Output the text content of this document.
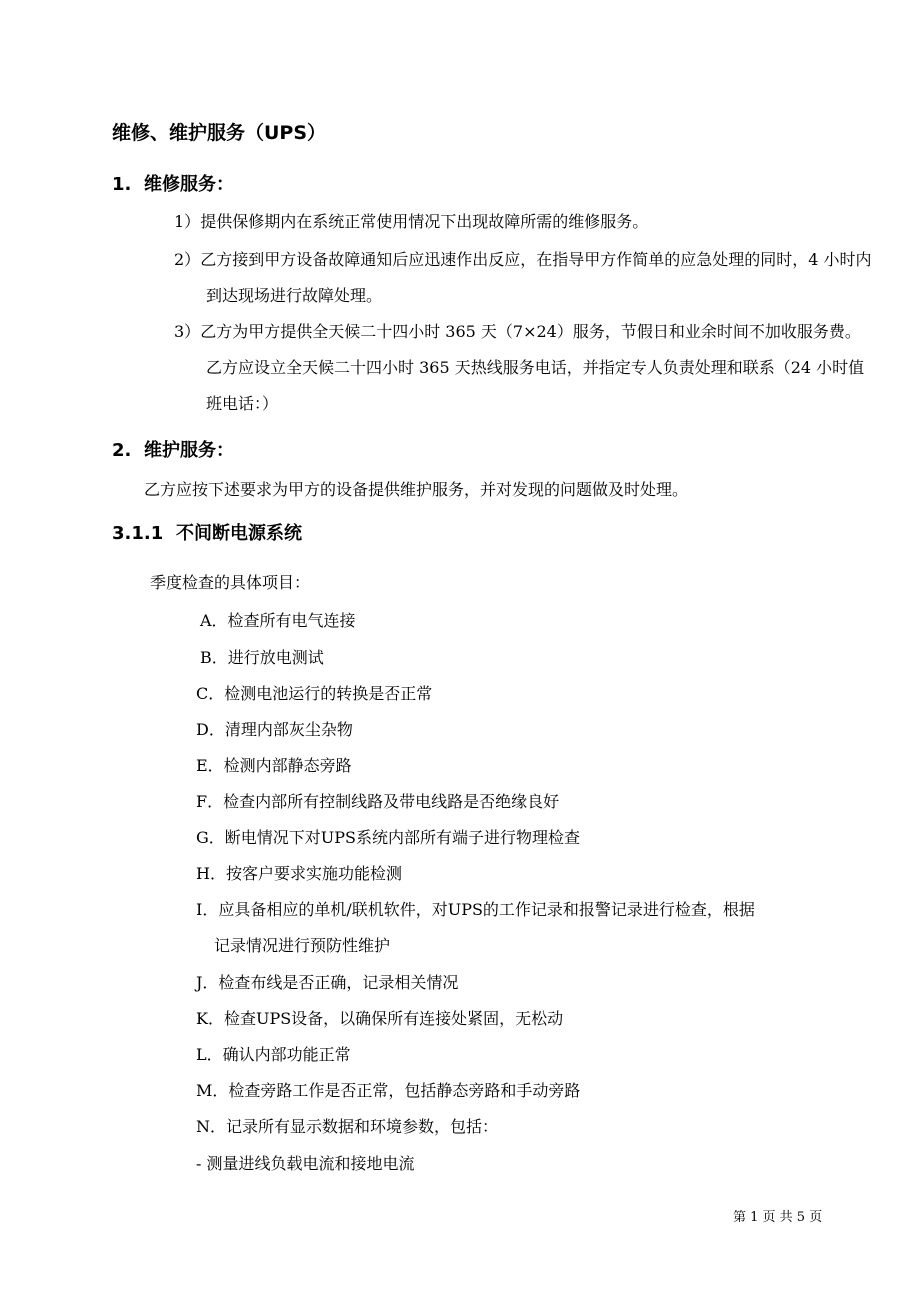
维修、维护服务（UPS）
1. 维修服务：
1）提供保修期内在系统正常使用情况下出现故障所需的维修服务。
2）乙方接到甲方设备故障通知后应迅速作出反应，在指导甲方作简单的应急处理的同时，4 小时内到达现场进行故障处理。
3）乙方为甲方提供全天候二十四小时 365 天（7×24）服务，节假日和业余时间不加收服务费。乙方应设立全天候二十四小时 365 天热线服务电话，并指定专人负责处理和联系（24 小时值班电话：）
2. 维护服务：
乙方应按下述要求为甲方的设备提供维护服务，并对发现的问题做及时处理。
3.1.1 不间断电源系统
季度检查的具体项目：
A．检查所有电气连接
B．进行放电测试
C．检测电池运行的转换是否正常
D．清理内部灰尘杂物
E．检测内部静态旁路
F．检查内部所有控制线路及带电线路是否绝缘良好
G．断电情况下对UPS系统内部所有端子进行物理检查
H．按客户要求实施功能检测
I．应具备相应的单机/联机软件，对UPS的工作记录和报警记录进行检查，根据
记录情况进行预防性维护
J．检查布线是否正确，记录相关情况
K．检查UPS设备，以确保所有连接处紧固，无松动
L．确认内部功能正常
M．检查旁路工作是否正常，包括静态旁路和手动旁路
N．记录所有显示数据和环境参数，包括：
- 测量进线负载电流和接地电流
第 1 页 共 5 页
